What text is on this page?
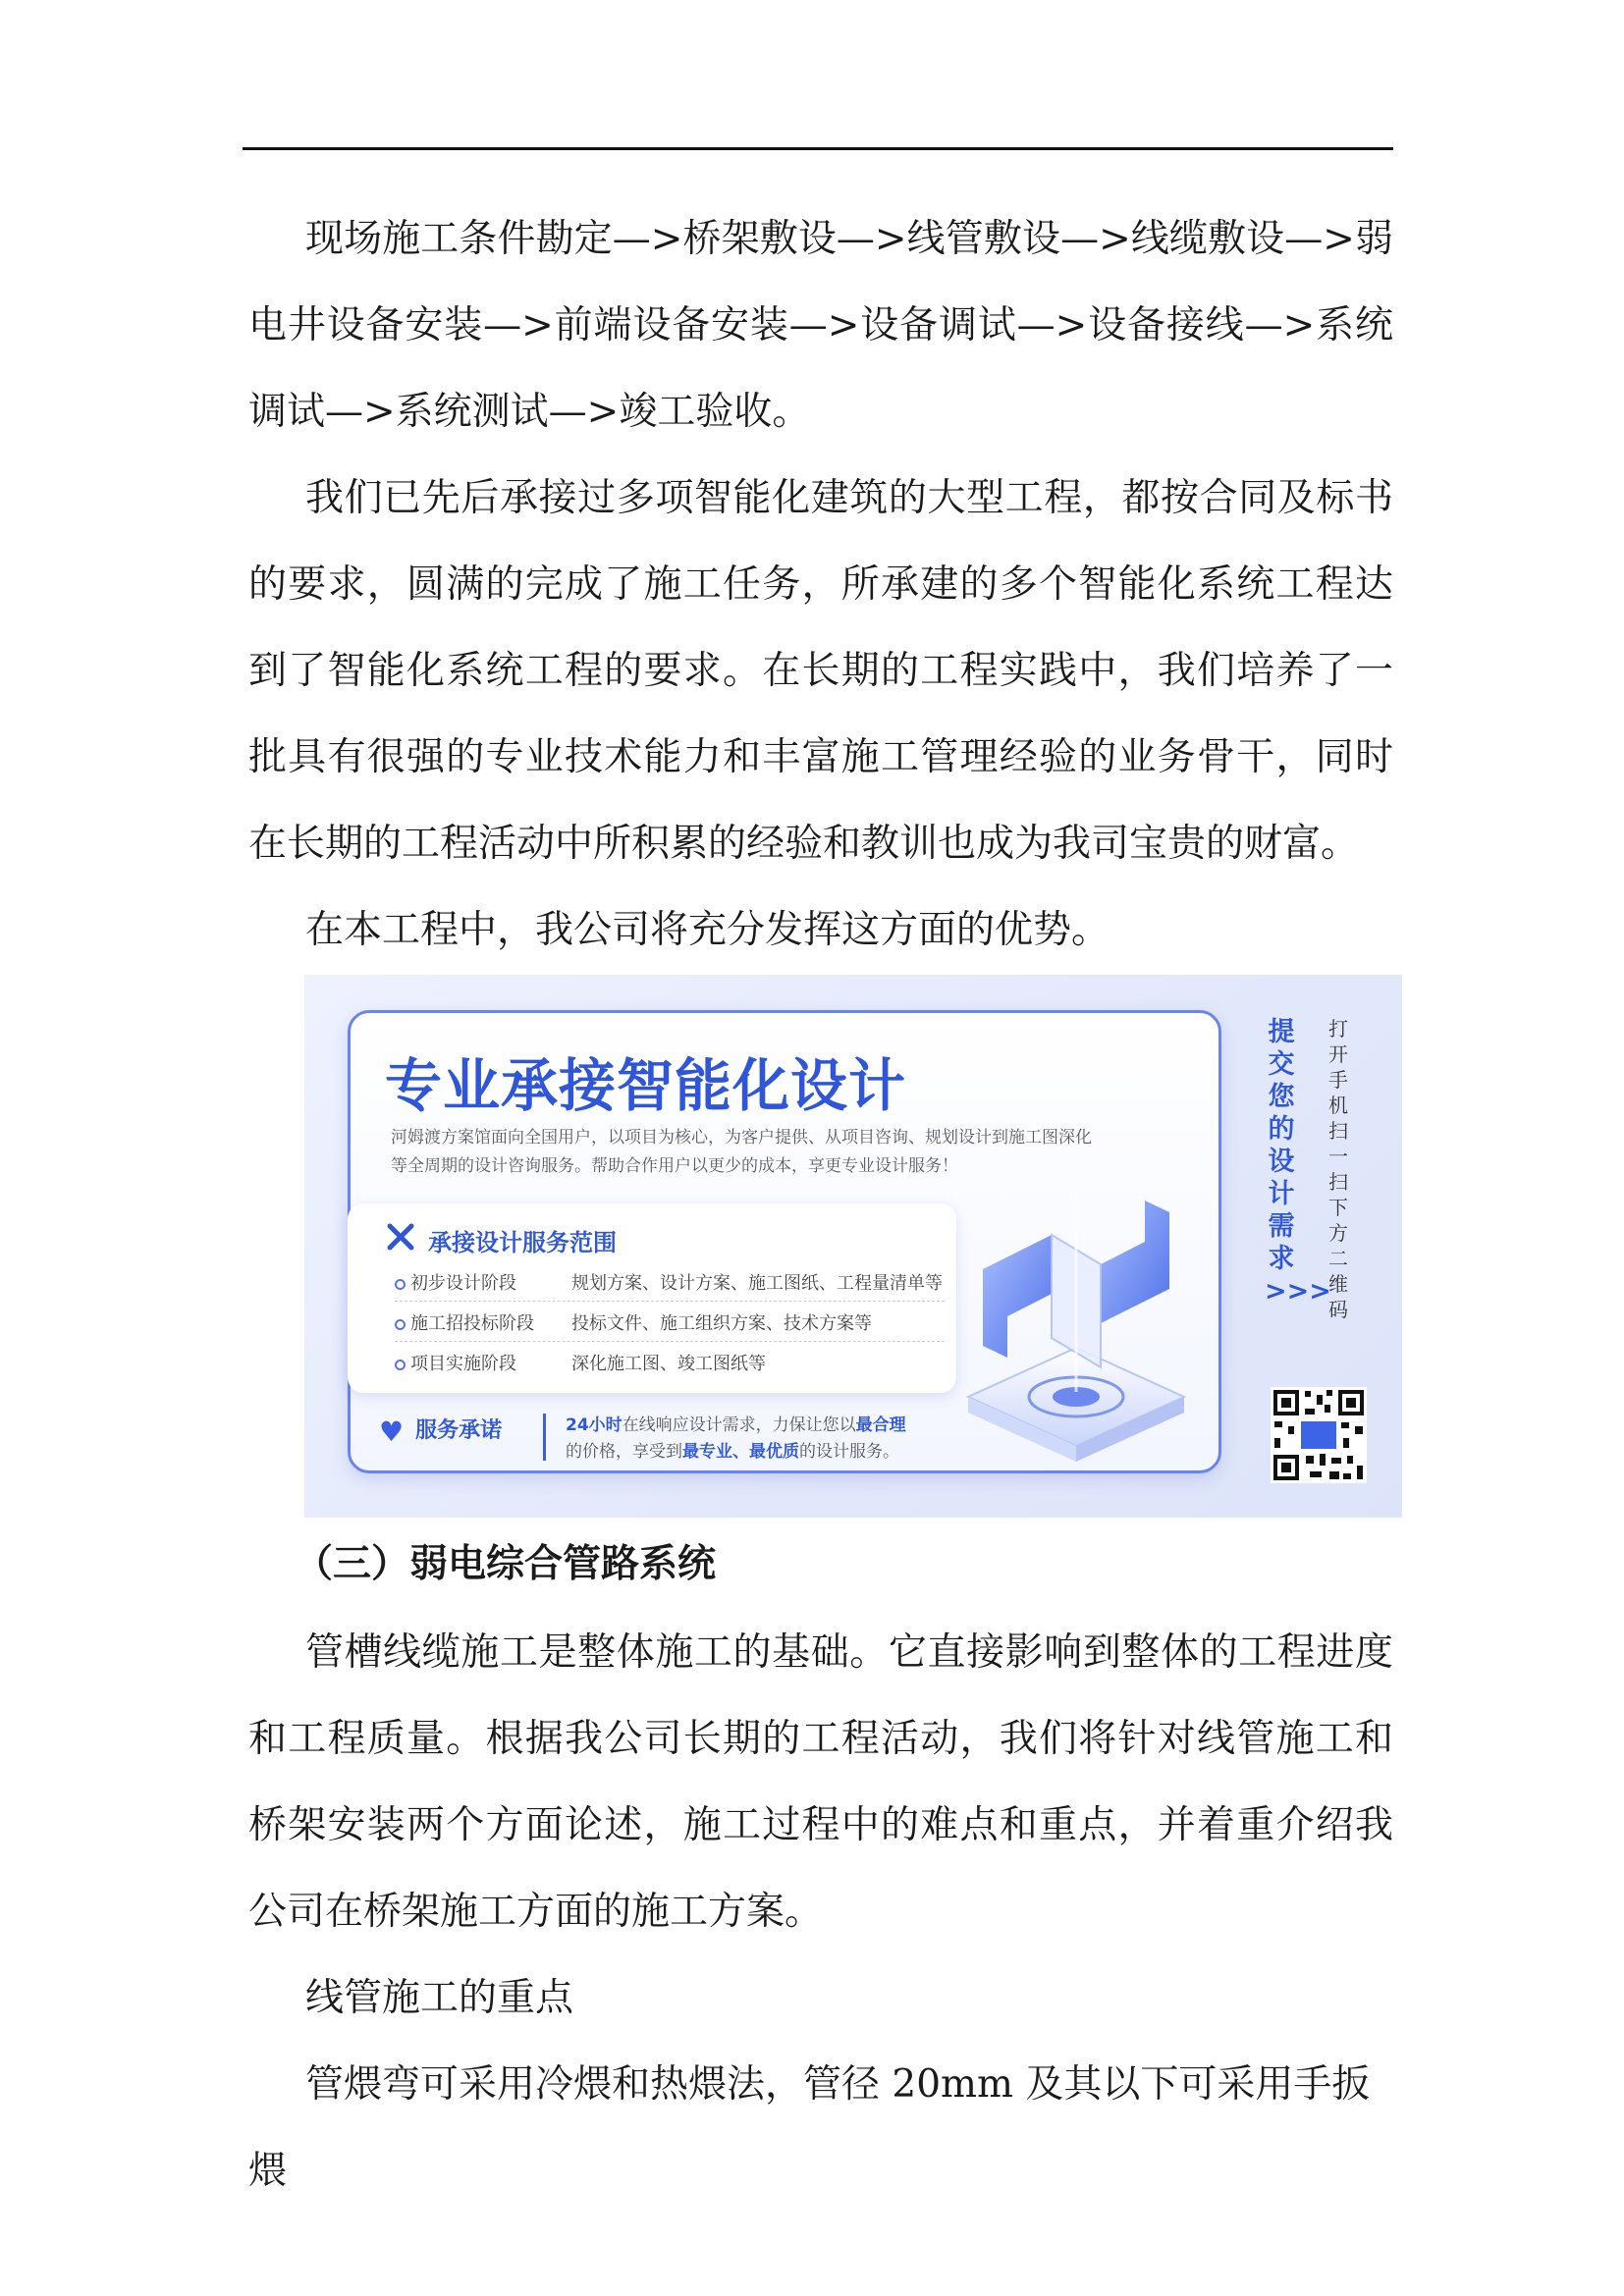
现场施工条件勘定—>桥架敷设—>线管敷设—>线缆敷设—>弱电井设备安装—>前端设备安装—>设备调试—>设备接线—>系统调试—>系统测试—>竣工验收。

我们已先后承接过多项智能化建筑的大型工程，都按合同及标书的要求，圆满的完成了施工任务，所承建的多个智能化系统工程达到了智能化系统工程的要求。在长期的工程实践中，我们培养了一批具有很强的专业技术能力和丰富施工管理经验的业务骨干，同时在长期的工程活动中所积累的经验和教训也成为我司宝贵的财富。

在本工程中，我公司将充分发挥这方面的优势。

专业承接智能化设计
河姆渡方案馆面向全国用户，以项目为核心，为客户提供、从项目咨询、规划设计到施工图深化等全周期的设计咨询服务。帮助合作用户以更少的成本，享更专业设计服务！
承接设计服务范围
初步设计阶段	规划方案、设计方案、施工图纸、工程量清单等
施工招投标阶段 投标文件、施工组织方案、技术方案等
项目实施阶段	深化施工图、竣工图纸等
♥ 服务承诺	24小时在线响应设计需求，力保让您以最合理
的价格，享受到最专业、最优质的设计服务。
提交您的设计需求>>>
打开手机扫一扫下方二维码
（三）弱电综合管路系统

管槽线缆施工是整体施工的基础。它直接影响到整体的工程进度和工程质量。根据我公司长期的工程活动，我们将针对线管施工和桥架安装两个方面论述，施工过程中的难点和重点，并着重介绍我公司在桥架施工方面的施工方案。

线管施工的重点

管煨弯可采用冷煨和热煨法，管径 20mm 及其以下可采用手扳煨
